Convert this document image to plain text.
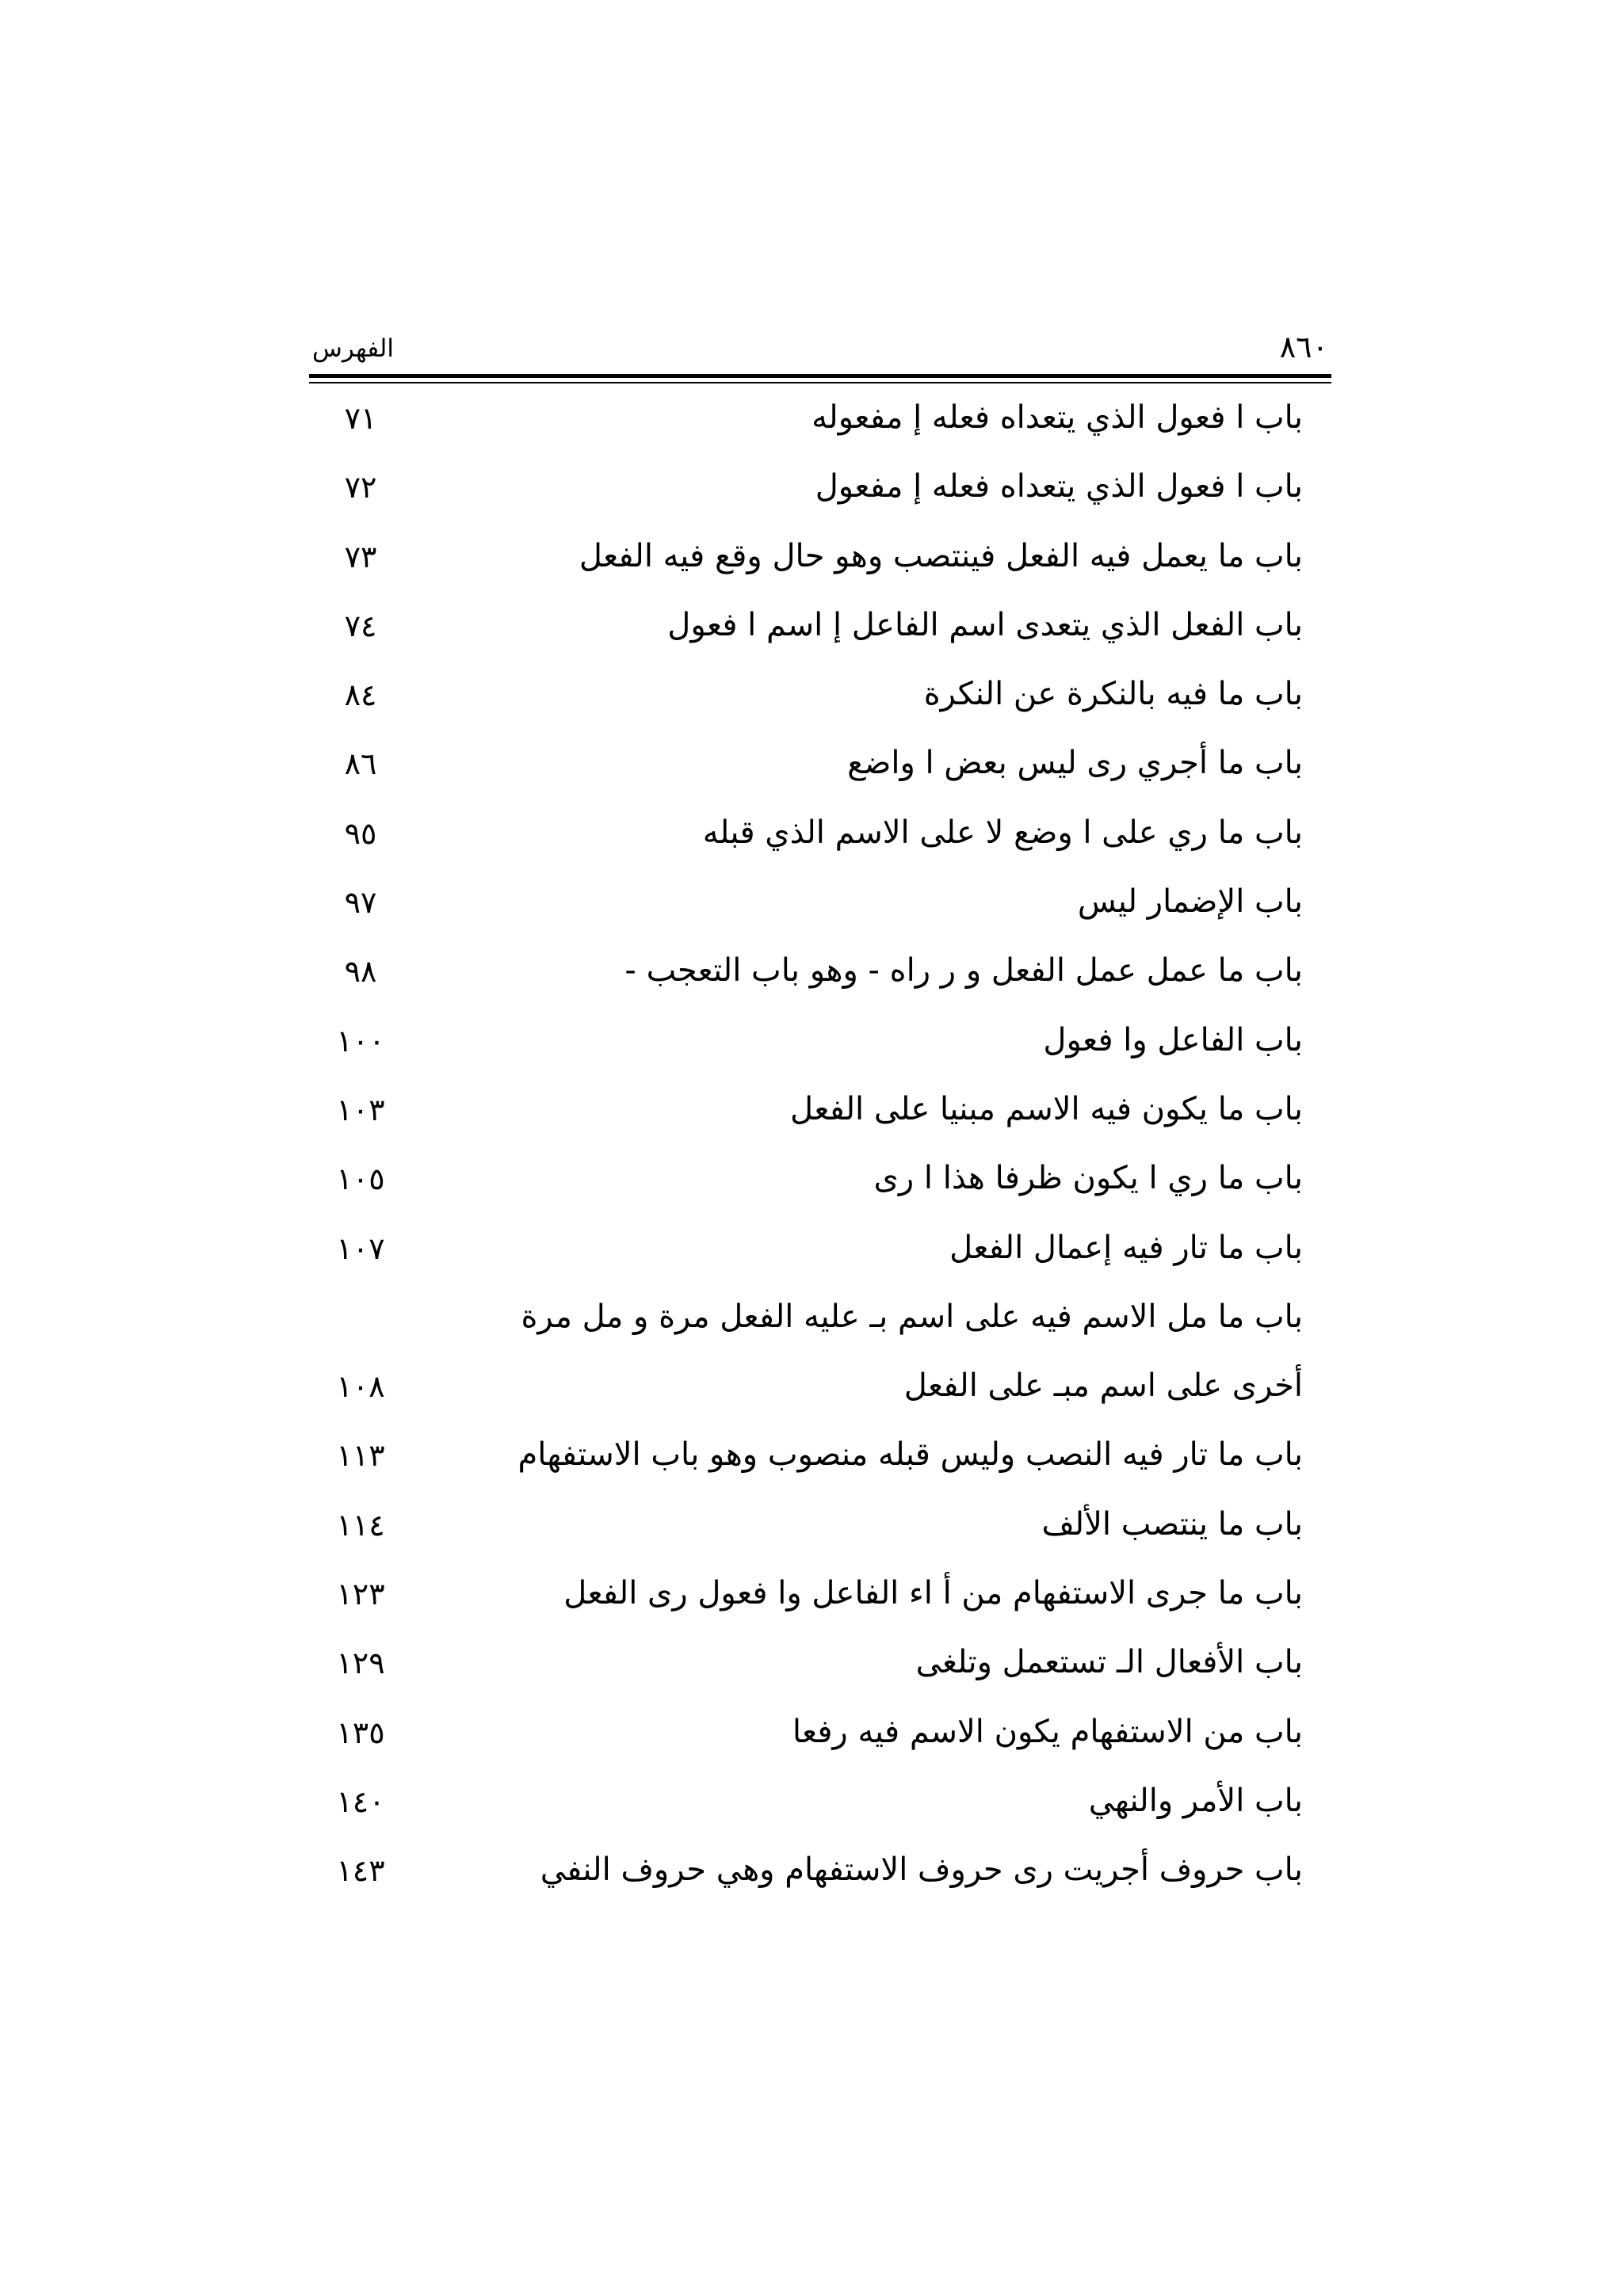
الفهرس	٨٦٠
باب ا فعول الذي يتعداه فعله إ مفعوله
٧١
باب ا فعول الذي يتعداه فعله إ مفعول
٧٢
باب ما يعمل فيه الفعل فينتصب وهو حال وقع فيه الفعل
٧٣
باب الفعل الذي يتعدى اسم الفاعل إ اسم ا فعول
٧٤
باب ما فيه بالنكرة عن النكرة
٨٤
باب ما أجري رى ليس بعض ا واضع
٨٦
باب ما ري على ا وضع لا على الاسم الذي قبله
٩٥
باب الإضمار ليس
٩٧
باب ما عمل عمل الفعل و ر راه - وهو باب التعجب -
٩٨
باب الفاعل وا فعول
١٠٠
باب ما يكون فيه الاسم مبنيا على الفعل
١٠٣
باب ما ري ا يكون ظرفا هذا ا رى
١٠٥
باب ما تار فيه إعمال الفعل
١٠٧
باب ما مل الاسم فيه على اسم بـ عليه الفعل مرة و مل مرة
أخرى على اسم مبـ على الفعل
١٠٨
باب ما تار فيه النصب وليس قبله منصوب وهو باب الاستفهام
١١٣
باب ما ينتصب الألف
١١٤
باب ما جرى الاستفهام من أ اء الفاعل وا فعول رى الفعل
١٢٣
باب الأفعال الـ تستعمل وتلغى
١٢٩
باب من الاستفهام يكون الاسم فيه رفعا
١٣٥
باب الأمر والنهي
١٤٠
باب حروف أجريت رى حروف الاستفهام وهي حروف النفي
١٤٣
